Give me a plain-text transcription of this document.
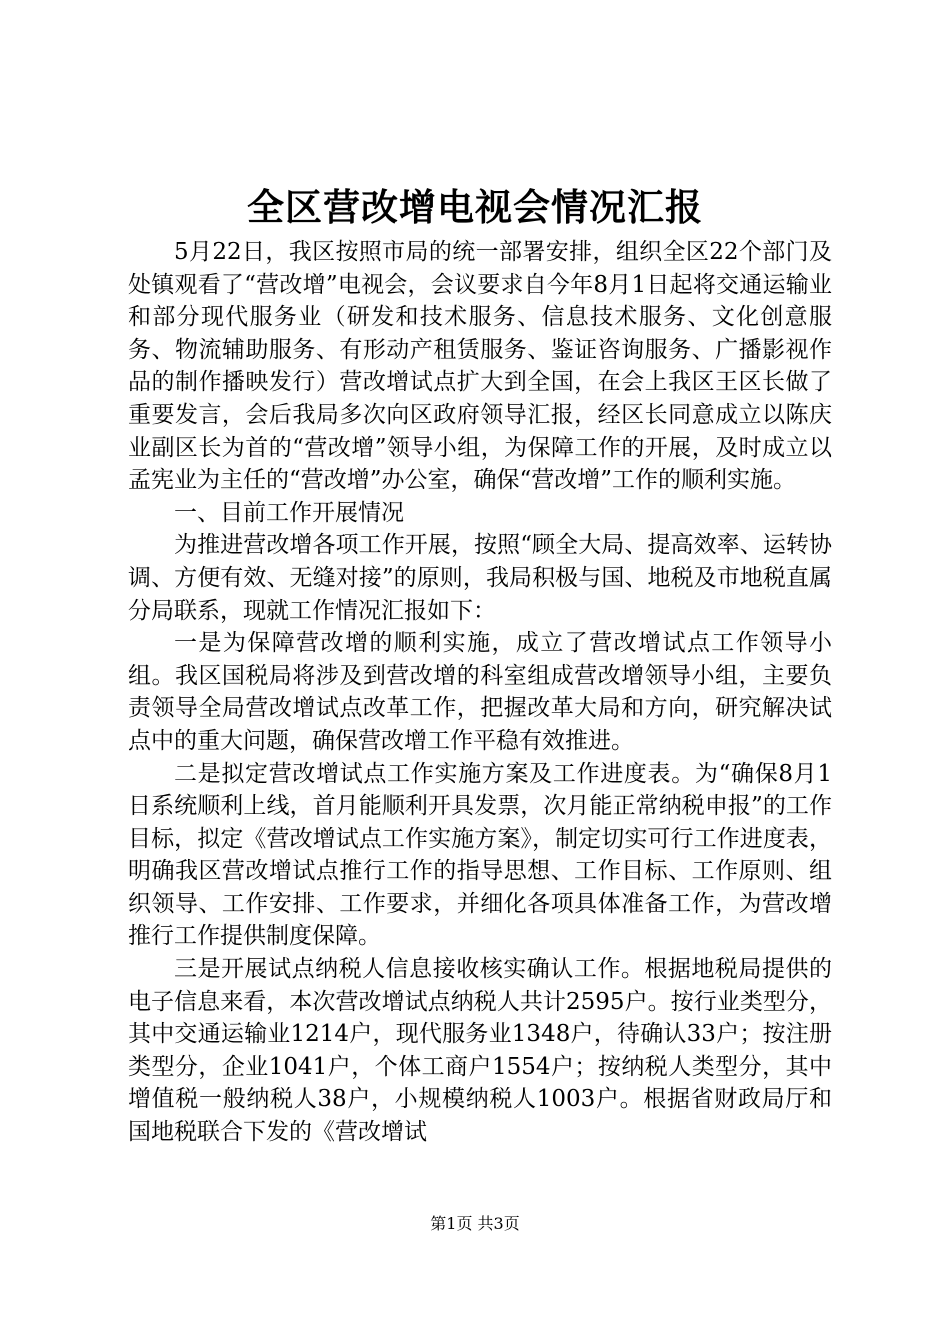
全区营改增电视会情况汇报

5月22日，我区按照市局的统一部署安排，组织全区22个部门及处镇观看了“营改增”电视会，会议要求自今年8月1日起将交通运输业和部分现代服务业（研发和技术服务、信息技术服务、文化创意服务、物流辅助服务、有形动产租赁服务、鉴证咨询服务、广播影视作品的制作播映发行）营改增试点扩大到全国，在会上我区王区长做了重要发言，会后我局多次向区政府领导汇报，经区长同意成立以陈庆业副区长为首的“营改增”领导小组，为保障工作的开展，及时成立以孟宪业为主任的“营改增”办公室，确保“营改增”工作的顺利实施。

一、目前工作开展情况

为推进营改增各项工作开展，按照“顾全大局、提高效率、运转协调、方便有效、无缝对接”的原则，我局积极与国、地税及市地税直属分局联系，现就工作情况汇报如下：

一是为保障营改增的顺利实施，成立了营改增试点工作领导小组。我区国税局将涉及到营改增的科室组成营改增领导小组，主要负责领导全局营改增试点改革工作，把握改革大局和方向，研究解决试点中的重大问题，确保营改增工作平稳有效推进。

二是拟定营改增试点工作实施方案及工作进度表。为“确保8月1日系统顺利上线，首月能顺利开具发票，次月能正常纳税申报”的工作目标，拟定《营改增试点工作实施方案》，制定切实可行工作进度表，明确我区营改增试点推行工作的指导思想、工作目标、工作原则、组织领导、工作安排、工作要求，并细化各项具体准备工作，为营改增推行工作提供制度保障。

三是开展试点纳税人信息接收核实确认工作。根据地税局提供的电子信息来看，本次营改增试点纳税人共计2595户。按行业类型分，其中交通运输业1214户，现代服务业1348户，待确认33户；按注册类型分，企业1041户，个体工商户1554户；按纳税人类型分，其中增值税一般纳税人38户，小规模纳税人1003户。根据省财政局厅和国地税联合下发的《营改增试

第1页 共3页
